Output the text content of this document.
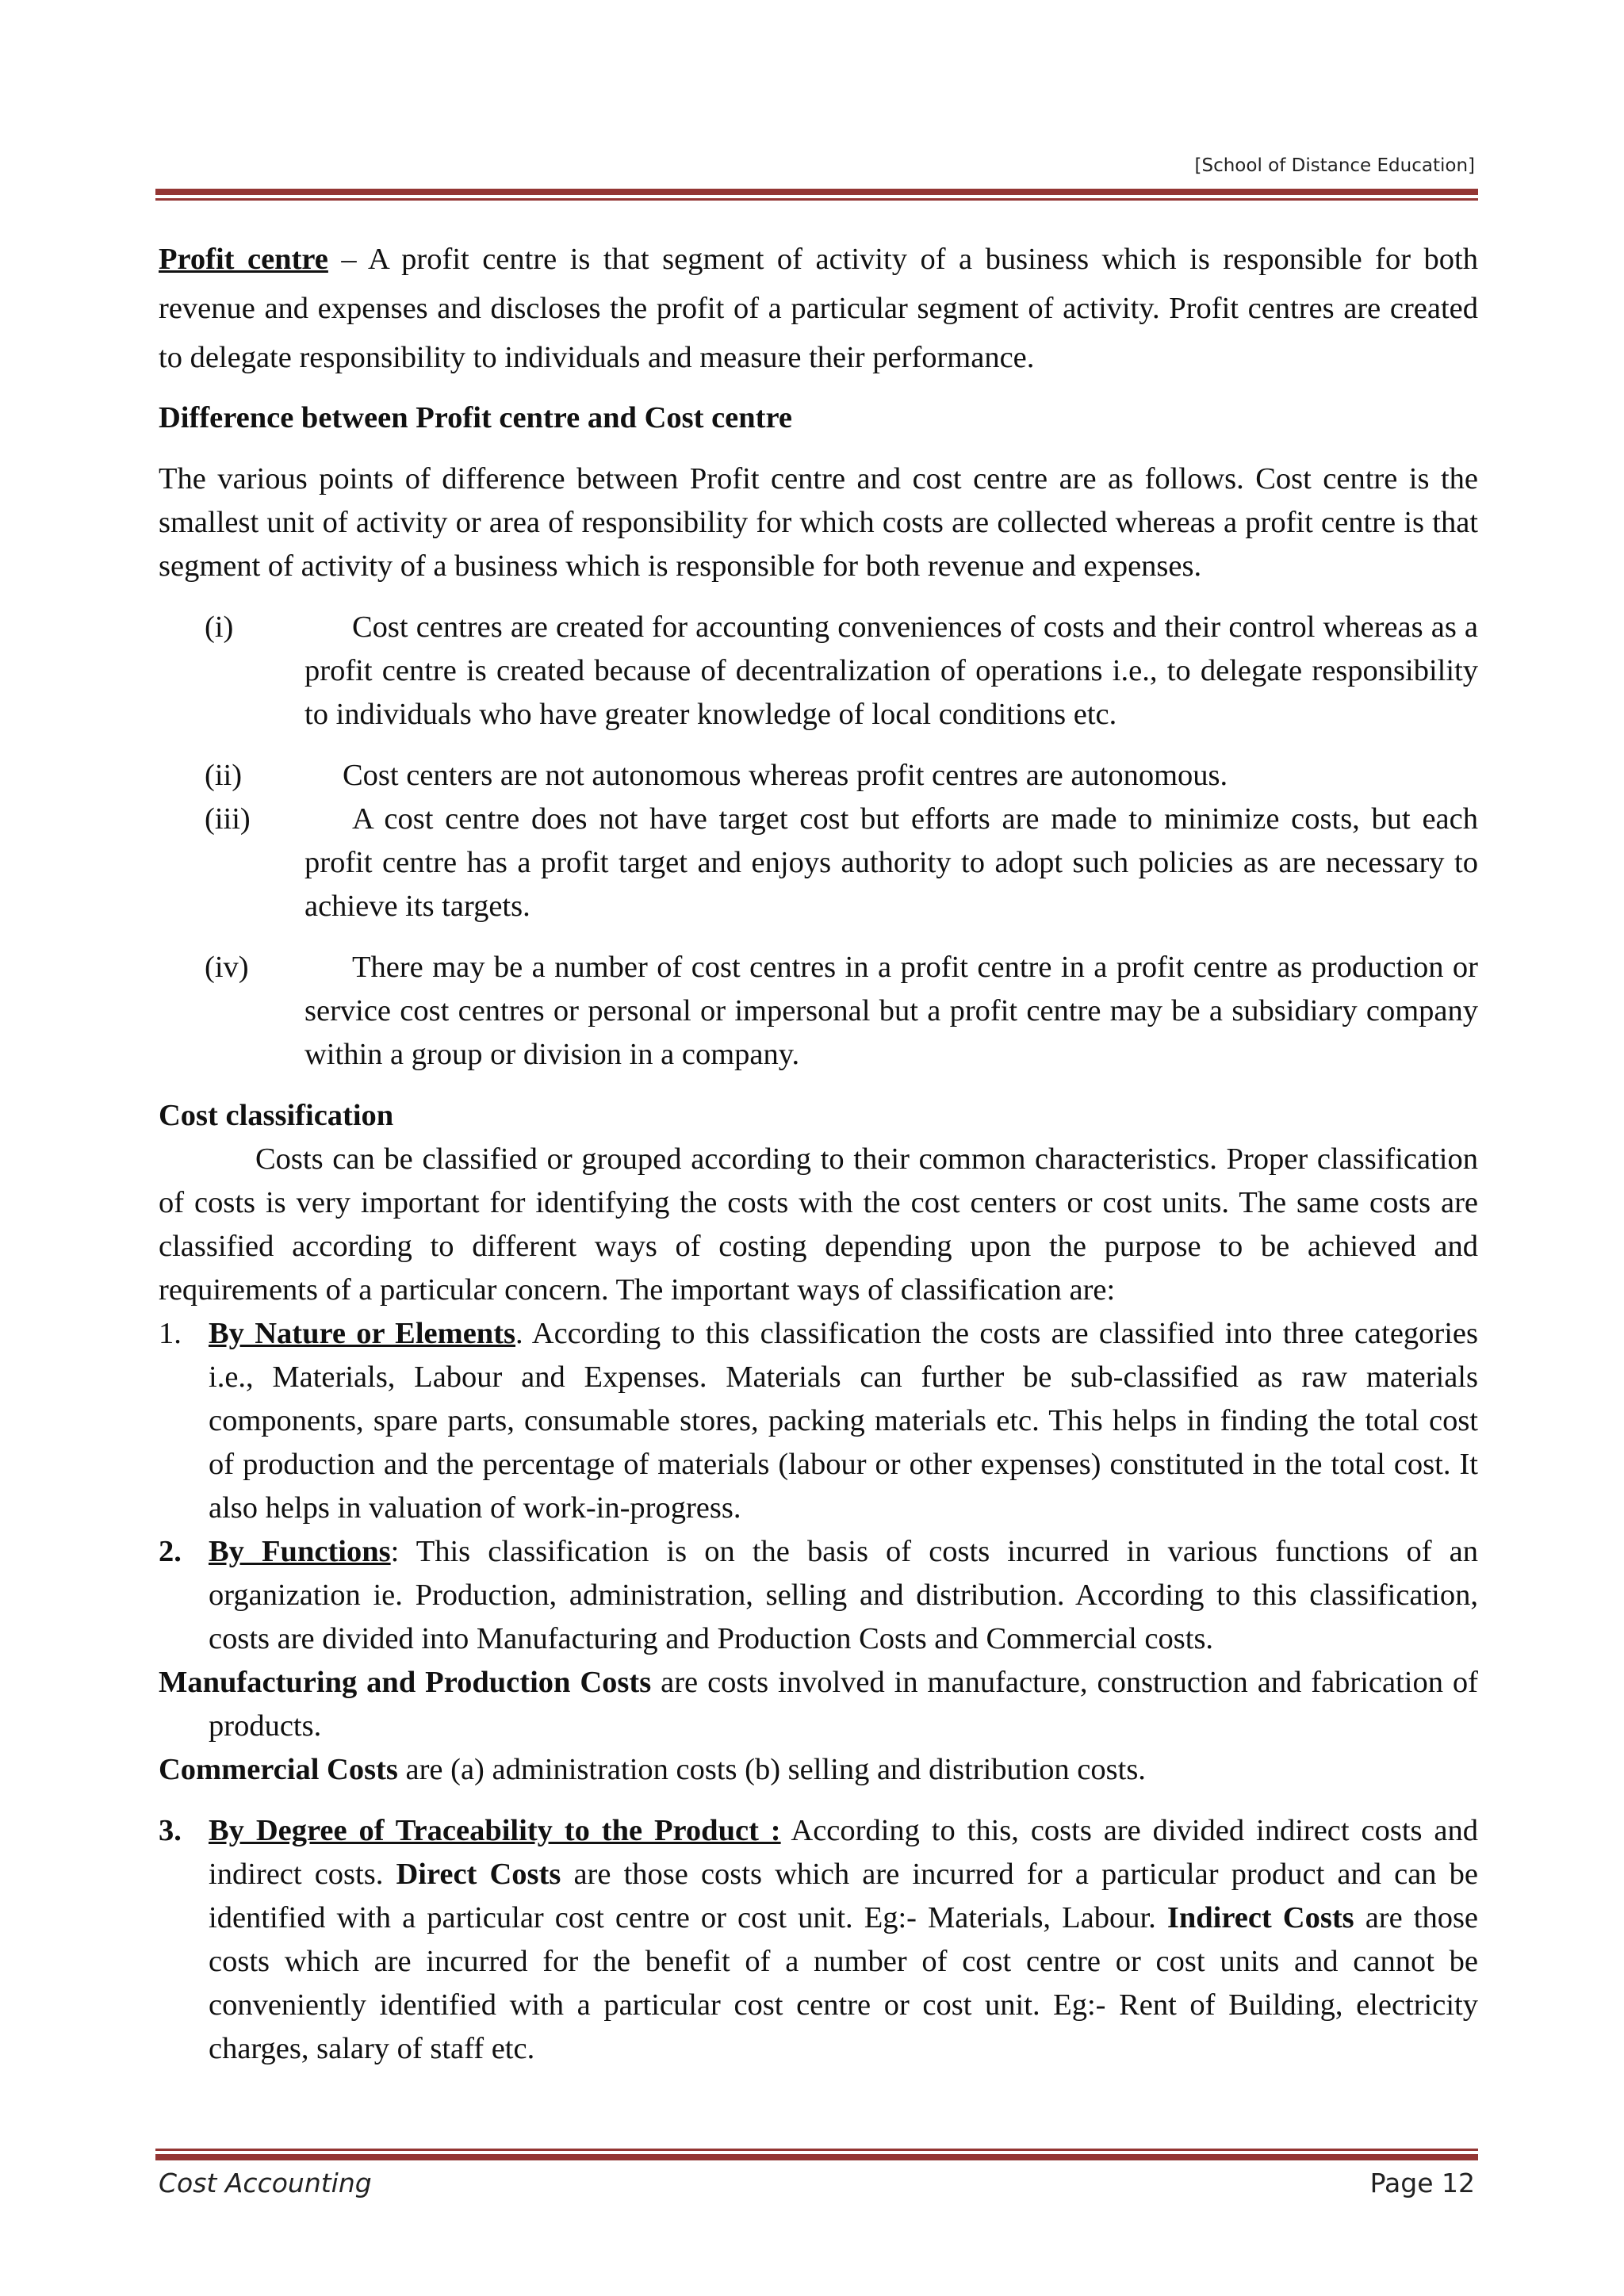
[School of Distance Education]

Profit centre – A profit centre is that segment of activity of a business which is responsible for both revenue and expenses and discloses the profit of a particular segment of activity. Profit centres are created to delegate responsibility to individuals and measure their performance.

Difference between Profit centre and Cost centre

The various points of difference between Profit centre and cost centre are as follows. Cost centre is the smallest unit of activity or area of responsibility for which costs are collected whereas a profit centre is that segment of activity of a business which is responsible for both revenue and expenses.

(i)	Cost centres are created for accounting conveniences of costs and their control whereas as a profit centre is created because of decentralization of operations i.e., to delegate responsibility to individuals who have greater knowledge of local conditions etc.
(ii)	Cost centers are not autonomous whereas profit centres are autonomous.
(iii)	A cost centre does not have target cost but efforts are made to minimize costs, but each profit centre has a profit target and enjoys authority to adopt such policies as are necessary to achieve its targets.
(iv)	There may be a number of cost centres in a profit centre in a profit centre as production or service cost centres or personal or impersonal but a profit centre may be a subsidiary company within a group or division in a company.

Cost classification

Costs can be classified or grouped according to their common characteristics. Proper classification of costs is very important for identifying the costs with the cost centers or cost units. The same costs are classified according to different ways of costing depending upon the purpose to be achieved and requirements of a particular concern. The important ways of classification are:

1. By Nature or Elements. According to this classification the costs are classified into three categories i.e., Materials, Labour and Expenses. Materials can further be sub-classified as raw materials components, spare parts, consumable stores, packing materials etc. This helps in finding the total cost of production and the percentage of materials (labour or other expenses) constituted in the total cost. It also helps in valuation of work-in-progress.
2. By Functions: This classification is on the basis of costs incurred in various functions of an organization ie. Production, administration, selling and distribution. According to this classification, costs are divided into Manufacturing and Production Costs and Commercial costs.

Manufacturing and Production Costs are costs involved in manufacture, construction and fabrication of products.

Commercial Costs are (a) administration costs (b) selling and distribution costs.

3. By Degree of Traceability to the Product : According to this, costs are divided indirect costs and indirect costs. Direct Costs are those costs which are incurred for a particular product and can be identified with a particular cost centre or cost unit. Eg:- Materials, Labour. Indirect Costs are those costs which are incurred for the benefit of a number of cost centre or cost units and cannot be conveniently identified with a particular cost centre or cost unit. Eg:- Rent of Building, electricity charges, salary of staff etc.
Cost Accounting	Page 12
